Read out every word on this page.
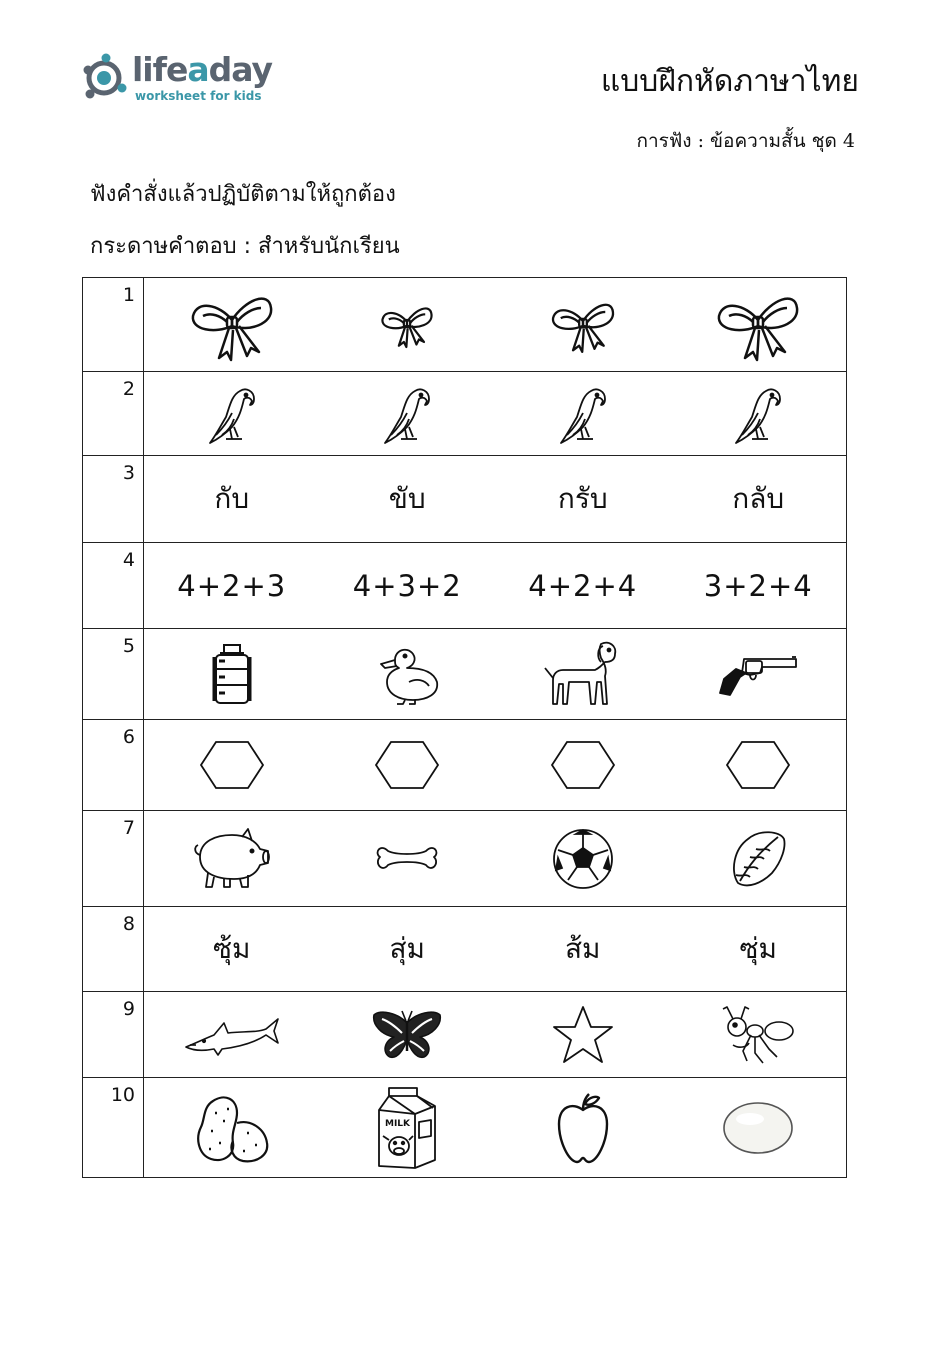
lifeaday
worksheet for kids	แบบฝึกหัดภาษาไทย
การฟัง : ข้อความสั้น ชุด 4
ฟังคำสั่งแล้วปฏิบัติตามให้ถูกต้อง
กระดาษคำตอบ : สำหรับนักเรียน
1	

2	

3	กับ ขับ กรับ กลับ

4	4+2+3 4+3+2 4+2+4 3+2+4

5	

6	

7	

8	ซุ้ม สุ่ม ส้ม ซุ่ม

9	

10	MILK
